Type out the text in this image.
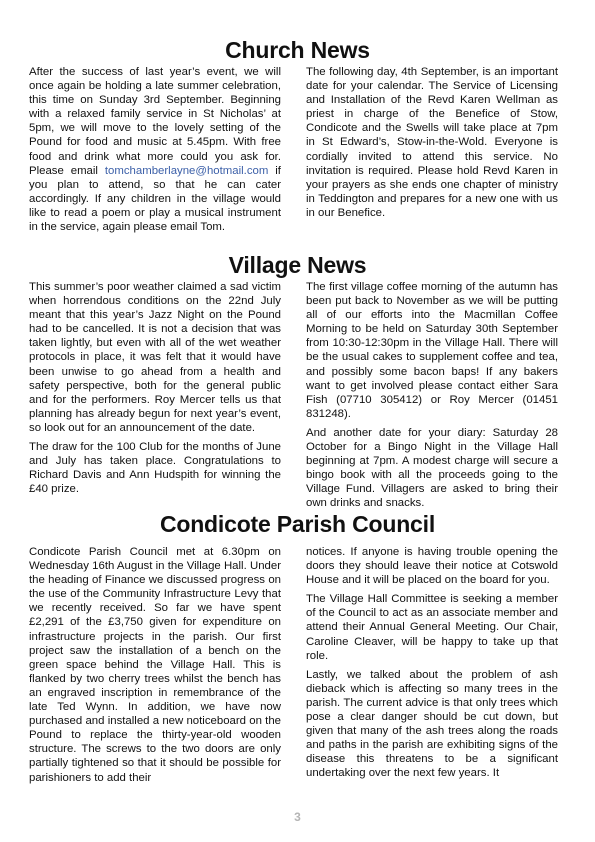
Church News

After the success of last year’s event, we will once again be holding a late summer celebration, this time on Sunday 3rd September. Beginning with a relaxed family service in St Nicholas’ at 5pm, we will move to the lovely setting of the Pound for food and music at 5.45pm. With free food and drink what more could you ask for. Please email tomchamberlayne@hotmail.com if you plan to attend, so that he can cater accordingly. If any children in the village would like to read a poem or play a musical instrument in the service, again please email Tom.

The following day, 4th September, is an important date for your calendar. The Service of Licensing and Installation of the Revd Karen Wellman as priest in charge of the Benefice of Stow, Condicote and the Swells will take place at 7pm in St Edward’s, Stow-in-the-Wold. Everyone is cordially invited to attend this service. No invitation is required. Please hold Revd Karen in your prayers as she ends one chapter of ministry in Teddington and prepares for a new one with us in our Benefice.

Village News

This summer’s poor weather claimed a sad victim when horrendous conditions on the 22nd July meant that this year’s Jazz Night on the Pound had to be cancelled. It is not a decision that was taken lightly, but even with all of the wet weather protocols in place, it was felt that it would have been unwise to go ahead from a health and safety perspective, both for the general public and for the performers. Roy Mercer tells us that planning has already begun for next year’s event, so look out for an announcement of the date.

The draw for the 100 Club for the months of June and July has taken place. Congratulations to Richard Davis and Ann Hudspith for winning the £40 prize.

The first village coffee morning of the autumn has been put back to November as we will be putting all of our efforts into the Macmillan Coffee Morning to be held on Saturday 30th September from 10:30-12:30pm in the Village Hall. There will be the usual cakes to supplement coffee and tea, and possibly some bacon baps! If any bakers want to get involved please contact either Sara Fish (07710 305412) or Roy Mercer (01451 831248).

And another date for your diary: Saturday 28 October for a Bingo Night in the Village Hall beginning at 7pm. A modest charge will secure a bingo book with all the proceeds going to the Village Fund. Villagers are asked to bring their own drinks and snacks.

Condicote Parish Council

Condicote Parish Council met at 6.30pm on Wednesday 16th August in the Village Hall. Under the heading of Finance we discussed progress on the use of the Community Infrastructure Levy that we recently received. So far we have spent £2,291 of the £3,750 given for expenditure on infrastructure projects in the parish. Our first project saw the installation of a bench on the green space behind the Village Hall. This is flanked by two cherry trees whilst the bench has an engraved inscription in remembrance of the late Ted Wynn. In addition, we have now purchased and installed a new noticeboard on the Pound to replace the thirty-year-old wooden structure. The screws to the two doors are only partially tightened so that it should be possible for parishioners to add their

notices. If anyone is having trouble opening the doors they should leave their notice at Cotswold House and it will be placed on the board for you.

The Village Hall Committee is seeking a member of the Council to act as an associate member and attend their Annual General Meeting. Our Chair, Caroline Cleaver, will be happy to take up that role.

Lastly, we talked about the problem of ash dieback which is affecting so many trees in the parish. The current advice is that only trees which pose a clear danger should be cut down, but given that many of the ash trees along the roads and paths in the parish are exhibiting signs of the disease this threatens to be a significant undertaking over the next few years. It

3
